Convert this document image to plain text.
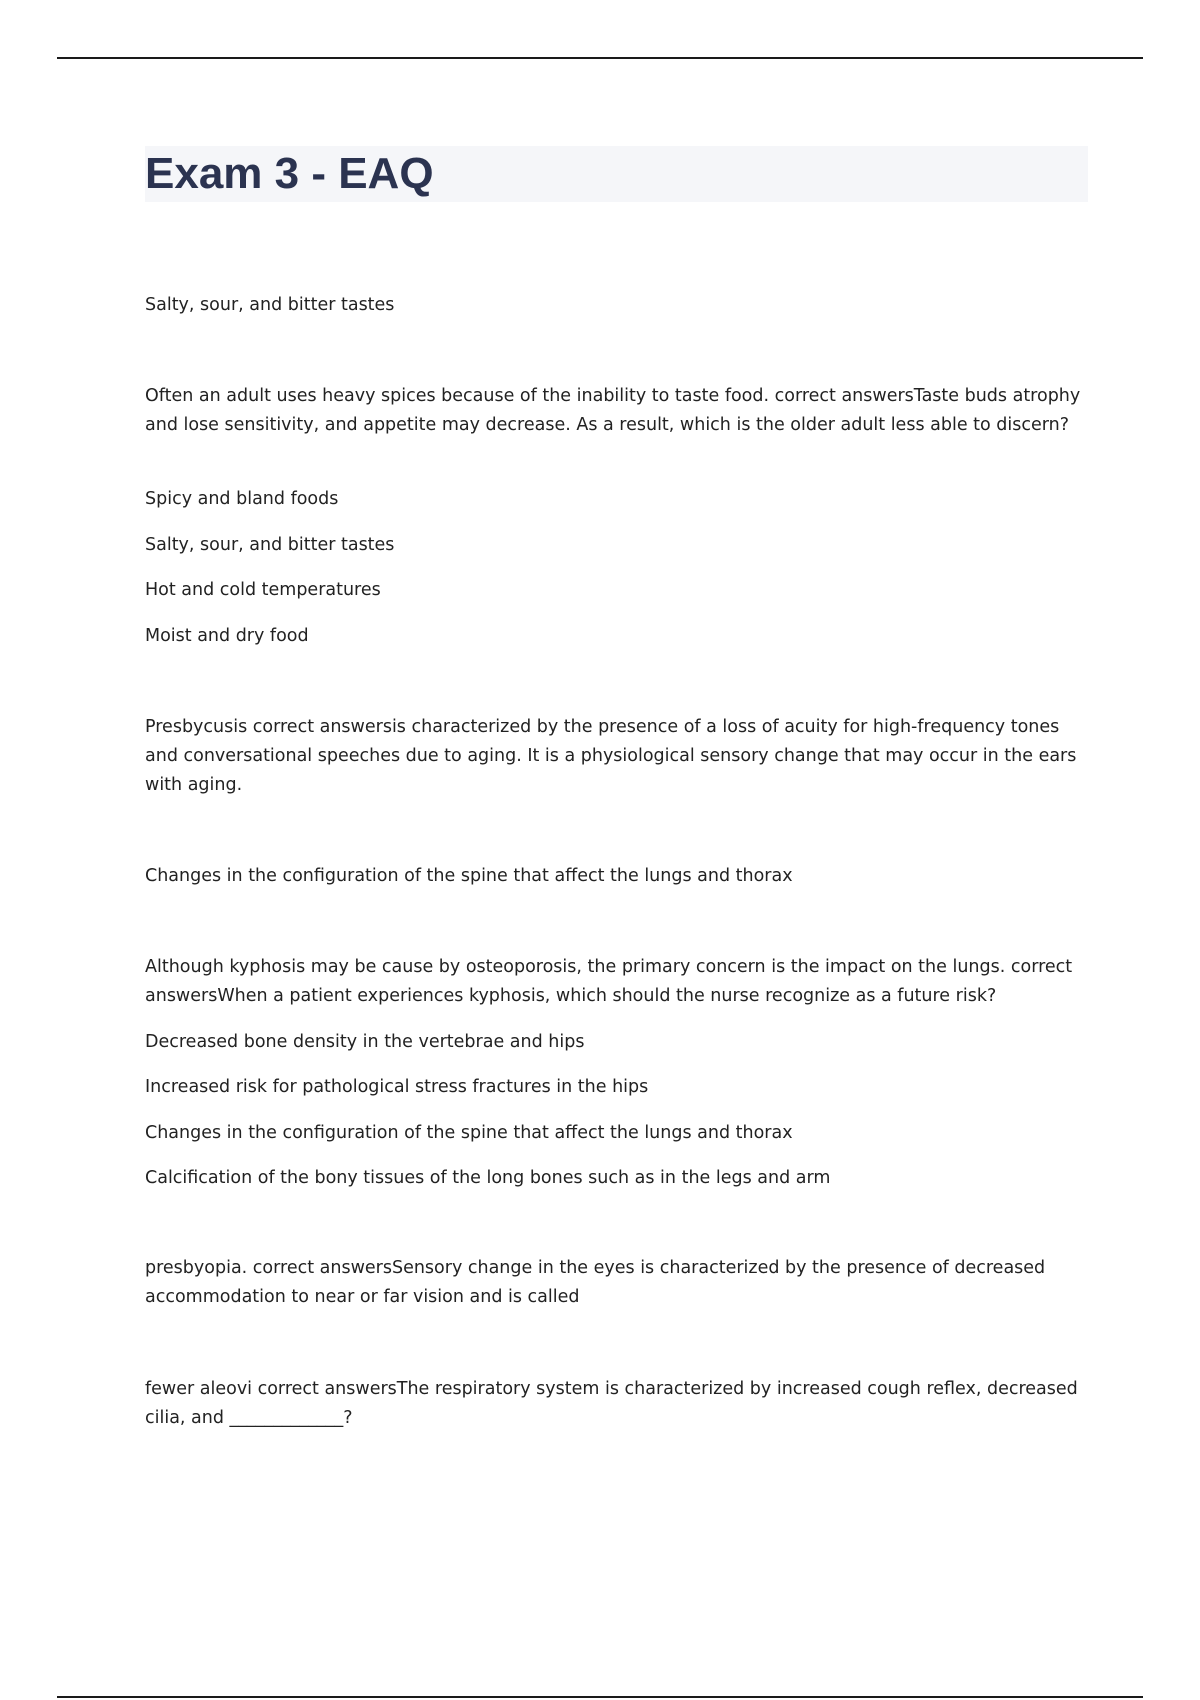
Exam 3 - EAQ

Salty, sour, and bitter tastes

Often an adult uses heavy spices because of the inability to taste food. correct answersTaste buds atrophy and lose sensitivity, and appetite may decrease. As a result, which is the older adult less able to discern?

Spicy and bland foods

Salty, sour, and bitter tastes

Hot and cold temperatures

Moist and dry food

Presbycusis correct answersis characterized by the presence of a loss of acuity for high-frequency tones and conversational speeches due to aging. It is a physiological sensory change that may occur in the ears with aging.

Changes in the configuration of the spine that affect the lungs and thorax

Although kyphosis may be cause by osteoporosis, the primary concern is the impact on the lungs. correct answersWhen a patient experiences kyphosis, which should the nurse recognize as a future risk?

Decreased bone density in the vertebrae and hips

Increased risk for pathological stress fractures in the hips

Changes in the configuration of the spine that affect the lungs and thorax

Calcification of the bony tissues of the long bones such as in the legs and arm

presbyopia. correct answersSensory change in the eyes is characterized by the presence of decreased accommodation to near or far vision and is called

fewer aleovi correct answersThe respiratory system is characterized by increased cough reflex, decreased cilia, and _____________?
